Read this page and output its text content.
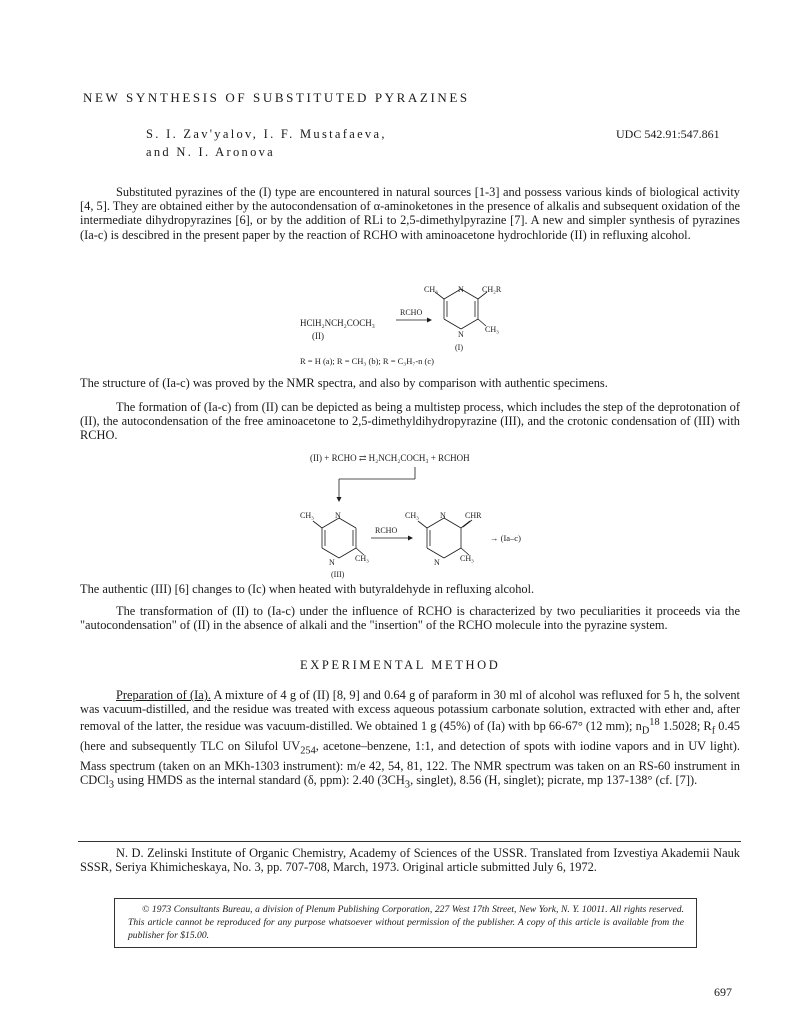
NEW SYNTHESIS OF SUBSTITUTED PYRAZINES
S. I. Zav'yalov, I. F. Mustafaeva,
and N. I. Aronova
UDC 542.91:547.861

Substituted pyrazines of the (I) type are encountered in natural sources [1-3] and possess various kinds of biological activity [4, 5]. They are obtained either by the autocondensation of α-aminoketones in the presence of alkalis and subsequent oxidation of the intermediate dihydropyrazines [6], or by the addition of RLi to 2,5-dimethylpyrazine [7]. A new and simpler synthesis of pyrazines (Ia-c) is descibred in the present paper by the reaction of RCHO with aminoacetone hydrochloride (II) in refluxing alcohol.

HClH₂NCH₂COCH₃
(II)
RCHO
CH₃	N CH₂R
N
CH₃
(I)
R = H (a); R = CH₃ (b); R = C₃H₇-n (c)

The structure of (Ia-c) was proved by the NMR spectra, and also by comparison with authentic specimens.

The formation of (Ia-c) from (II) can be depicted as being a multistep process, which includes the step of the deprotonation of (II), the autocondensation of the free aminoacetone to 2,5-dimethyldihydropyrazine (III), and the crotonic condensation of (III) with RCHO.

(II) + RCHO ⇄ H₂NCH₂COCH₃ + RCHOH
CH₃	N
N	CH₃
(III)
RCHO
CH₃	N CHR
N	CH₃
→ (Ia–c)

The authentic (III) [6] changes to (Ic) when heated with butyraldehyde in refluxing alcohol.

The transformation of (II) to (Ia-c) under the influence of RCHO is characterized by two peculiarities it proceeds via the "autocondensation" of (II) in the absence of alkali and the "insertion" of the RCHO molecule into the pyrazine system.

EXPERIMENTAL METHOD

Preparation of (Ia). A mixture of 4 g of (II) [8, 9] and 0.64 g of paraform in 30 ml of alcohol was refluxed for 5 h, the solvent was vacuum-distilled, and the residue was treated with excess aqueous potassium carbonate solution, extracted with ether and, after removal of the latter, the residue was vacuum-distilled. We obtained 1 g (45%) of (Ia) with bp 66-67° (12 mm); $n_D^{18}$ 1.5028; $R_f$ 0.45 (here and subsequently TLC on Silufol $UV_{254}$, acetone–benzene, 1:1, and detection of spots with iodine vapors and in UV light). Mass spectrum (taken on an MKh-1303 instrument): m/e 42, 54, 81, 122. The NMR spectrum was taken on an RS-60 instrument in CDCl$_3$ using HMDS as the internal standard (δ, ppm): 2.40 ($3CH_3$, singlet), 8.56 (H, singlet); picrate, mp 137-138° (cf. [7]).

N. D. Zelinski Institute of Organic Chemistry, Academy of Sciences of the USSR. Translated from Izvestiya Akademii Nauk SSSR, Seriya Khimicheskaya, No. 3, pp. 707-708, March, 1973. Original article submitted July 6, 1972.
© 1973 Consultants Bureau, a division of Plenum Publishing Corporation, 227 West 17th Street, New York, N. Y. 10011. All rights reserved. This article cannot be reproduced for any purpose whatsoever without permission of the publisher. A copy of this article is available from the publisher for $15.00.
697
